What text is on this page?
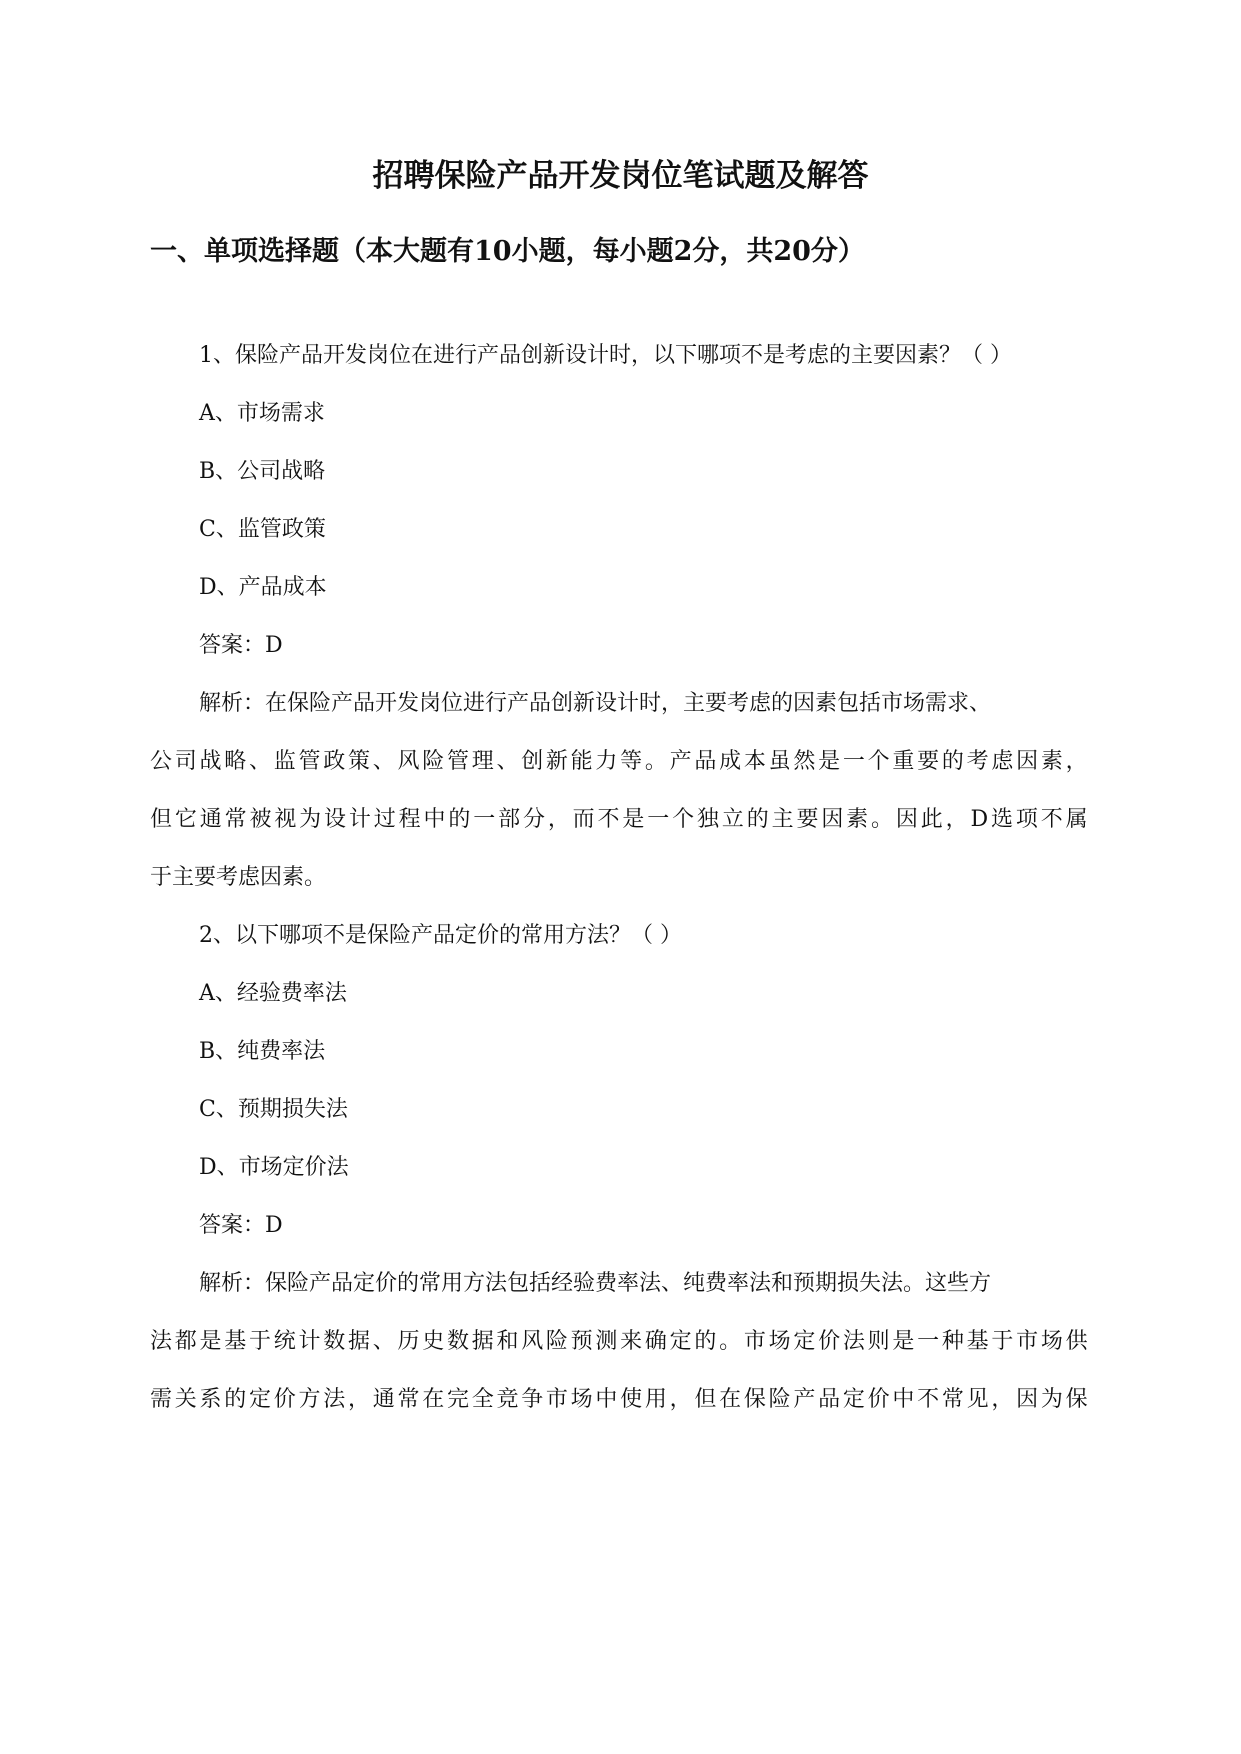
招聘保险产品开发岗位笔试题及解答
一、单项选择题（本大题有10小题，每小题2分，共20分）

1、保险产品开发岗位在进行产品创新设计时，以下哪项不是考虑的主要因素？（ ）

A、市场需求

B、公司战略

C、监管政策

D、产品成本

答案：D

解析：在保险产品开发岗位进行产品创新设计时，主要考虑的因素包括市场需求、

公司战略、监管政策、风险管理、创新能力等。产品成本虽然是一个重要的考虑因素，

但它通常被视为设计过程中的一部分，而不是一个独立的主要因素。因此，D选项不属

于主要考虑因素。

2、以下哪项不是保险产品定价的常用方法？（ ）

A、经验费率法

B、纯费率法

C、预期损失法

D、市场定价法

答案：D

解析：保险产品定价的常用方法包括经验费率法、纯费率法和预期损失法。这些方

法都是基于统计数据、历史数据和风险预测来确定的。市场定价法则是一种基于市场供

需关系的定价方法，通常在完全竞争市场中使用，但在保险产品定价中不常见，因为保
